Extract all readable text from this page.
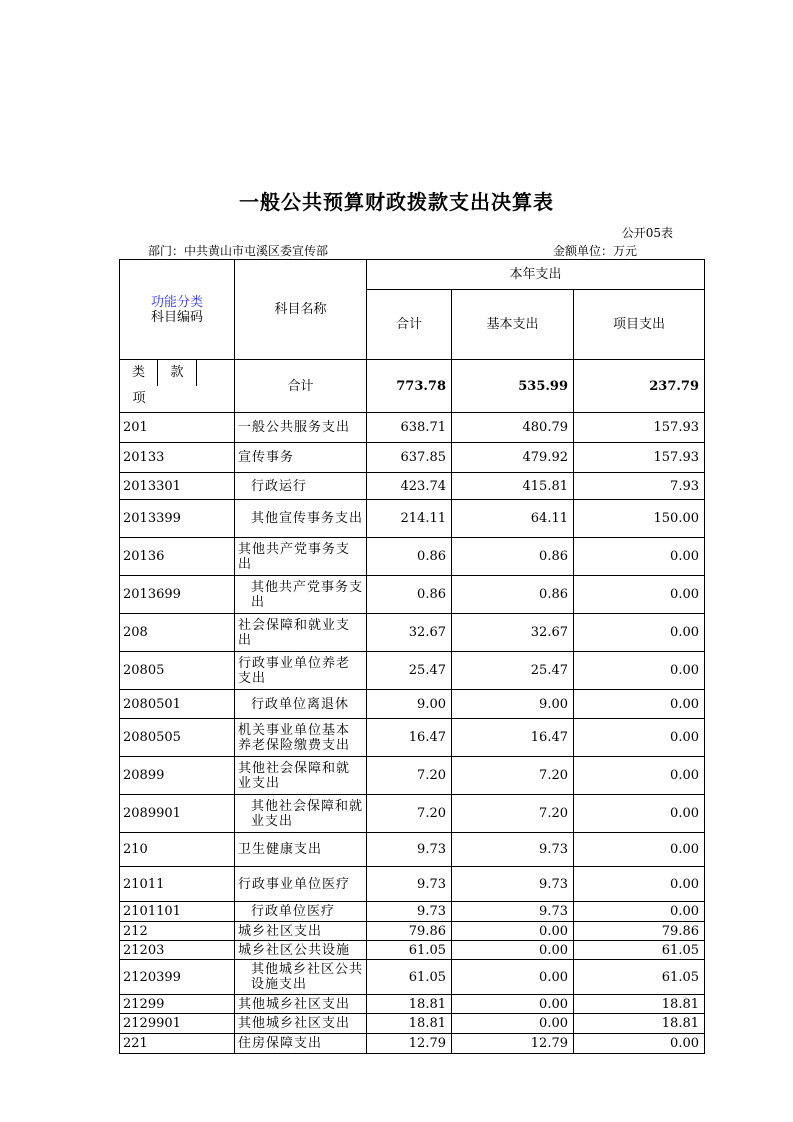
一般公共预算财政拨款支出决算表
公开05表
部门：中共黄山市屯溪区委宣传部	金额单位：万元
功能分类
科目编码	科目名称	本年支出		
		合计	基本支出	项目支出
类 款项	合计	773.78	535.99	237.79
201	一般公共服务支出	638.71	480.79	157.93
20133	宣传事务	637.85	479.92	157.93
2013301	行政运行	423.74	415.81	7.93
2013399	其他宣传事务支出	214.11	64.11	150.00
20136	其他共产党事务支出	0.86	0.86	0.00
2013699	其他共产党事务支出	0.86	0.86	0.00
208	社会保障和就业支出	32.67	32.67	0.00
20805	行政事业单位养老支出	25.47	25.47	0.00
2080501	行政单位离退休	9.00	9.00	0.00
2080505	机关事业单位基本养老保险缴费支出	16.47	16.47	0.00
20899	其他社会保障和就业支出	7.20	7.20	0.00
2089901	其他社会保障和就业支出	7.20	7.20	0.00
210	卫生健康支出	9.73	9.73	0.00
21011	行政事业单位医疗	9.73	9.73	0.00
2101101	行政单位医疗	9.73	9.73	0.00
212	城乡社区支出	79.86	0.00	79.86
21203	城乡社区公共设施	61.05	0.00	61.05
2120399	其他城乡社区公共设施支出	61.05	0.00	61.05
21299	其他城乡社区支出	18.81	0.00	18.81
2129901	其他城乡社区支出	18.81	0.00	18.81
221	住房保障支出	12.79	12.79	0.00
